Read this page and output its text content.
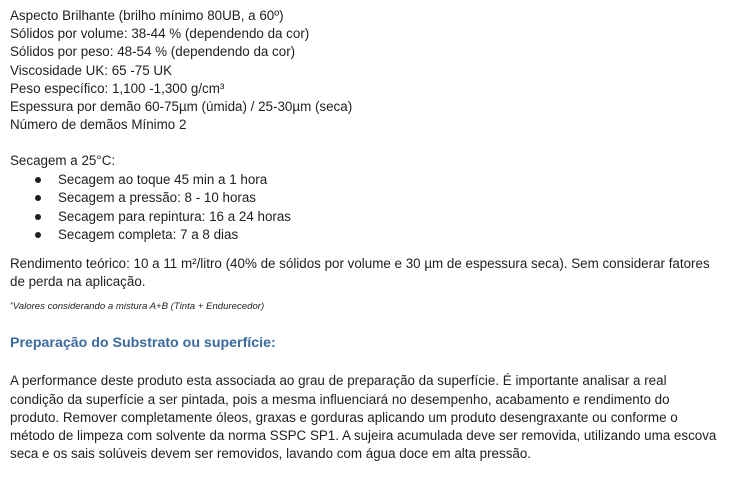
Aspecto Brilhante (brilho mínimo 80UB, a 60º)
Sólidos por volume: 38-44 % (dependendo da cor)
Sólidos por peso: 48-54 % (dependendo da cor)
Viscosidade UK: 65 -75 UK
Peso específico: 1,100 -1,300 g/cm³
Espessura por demão 60-75µm (úmida) / 25-30µm (seca)
Número de demãos Mínimo 2
Secagem a 25°C:
Secagem ao toque 45 min a 1 hora
Secagem a pressão: 8 - 10 horas
Secagem para repintura: 16 a 24 horas
Secagem completa: 7 a 8 dias
Rendimento teórico: 10 a 11 m²/litro (40% de sólidos por volume e 30 µm de espessura seca). Sem considerar fatores de perda na aplicação.
*Valores considerando a mistura A+B (Tinta + Endurecedor)
Preparação do Substrato ou superfície:
A performance deste produto esta associada ao grau de preparação da superfície. É importante analisar a real
condição da superfície a ser pintada, pois a mesma influenciará no desempenho, acabamento e rendimento do
produto. Remover completamente óleos, graxas e gorduras aplicando um produto desengraxante ou conforme o
método de limpeza com solvente da norma SSPC SP1. A sujeira acumulada deve ser removida, utilizando uma escova
seca e os sais solúveis devem ser removidos, lavando com água doce em alta pressão.
